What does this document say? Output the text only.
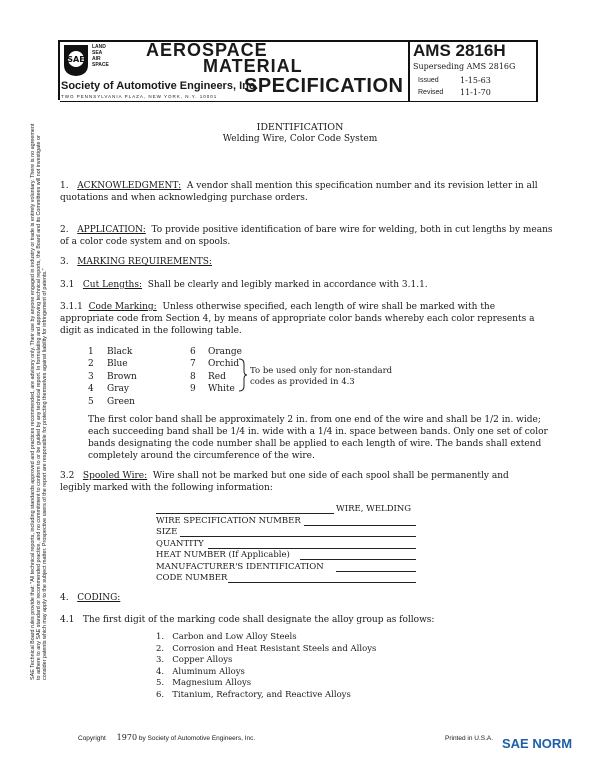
SAE
LAND
SEA
AIR
SPACE
AEROSPACE
MATERIAL
SPECIFICATION
Society of Automotive Engineers, Inc.
TWO PENNSYLVANIA PLAZA, NEW YORK, N.Y. 10001
AMS 2816H
Superseding AMS 2816G
Issued	1-15-63
Revised 11-1-70
SAE Technical Board rules provide that: "All technical reports, including standards approved and practices recommended, are advisory only. Their use by anyone engaged in industry or trade is entirely voluntary. There is no agreement to adhere to any SAE standard or recommended practice, and no commitment to conform to or be guided by any technical report. In formulating and approving technical reports, the Board and its Committees will not investigate or consider patents which may apply to the subject matter. Prospective users of the report are responsible for protecting themselves against liability for infringement of patents."
IDENTIFICATION
Welding Wire, Color Code System
1. ACKNOWLEDGMENT: A vendor shall mention this specification number and its revision letter in all quotations and when acknowledging purchase orders.
2. APPLICATION: To provide positive identification of bare wire for welding, both in cut lengths by means of a color code system and on spools.
3. MARKING REQUIREMENTS:
3.1 Cut Lengths: Shall be clearly and legibly marked in accordance with 3.1.1.
3.1.1 Code Marking: Unless otherwise specified, each length of wire shall be marked with the appropriate code from Section 4, by means of appropriate color bands whereby each color represents a digit as indicated in the following table.
1
2
3
4
5
Black
Blue
Brown
Gray
Green
6
7
8
9
Orange
Orchid
Red
White
To be used only for non-standard
codes as provided in 4.3
The first color band shall be approximately 2 in. from one end of the wire and shall be 1/2 in. wide; each succeeding band shall be 1/4 in. wide with a 1/4 in. space between bands. Only one set of color bands designating the code number shall be applied to each length of wire. The bands shall extend completely around the circumference of the wire.
3.2 Spooled Wire: Wire shall not be marked but one side of each spool shall be permanently and legibly marked with the following information:
WIRE, WELDING
WIRE SPECIFICATION NUMBER
SIZE
QUANTITY
HEAT NUMBER (If Applicable)
MANUFACTURER'S IDENTIFICATION
CODE NUMBER
4. CODING:
4.1 The first digit of the marking code shall designate the alloy group as follows:
1. Carbon and Low Alloy Steels
2. Corrosion and Heat Resistant Steels and Alloys
3. Copper Alloys
4. Aluminum Alloys
5. Magnesium Alloys
6. Titanium, Refractory, and Reactive Alloys
Copyright 1970 by Society of Automotive Engineers, Inc.	Printed in U.S.A. SAE NORM
